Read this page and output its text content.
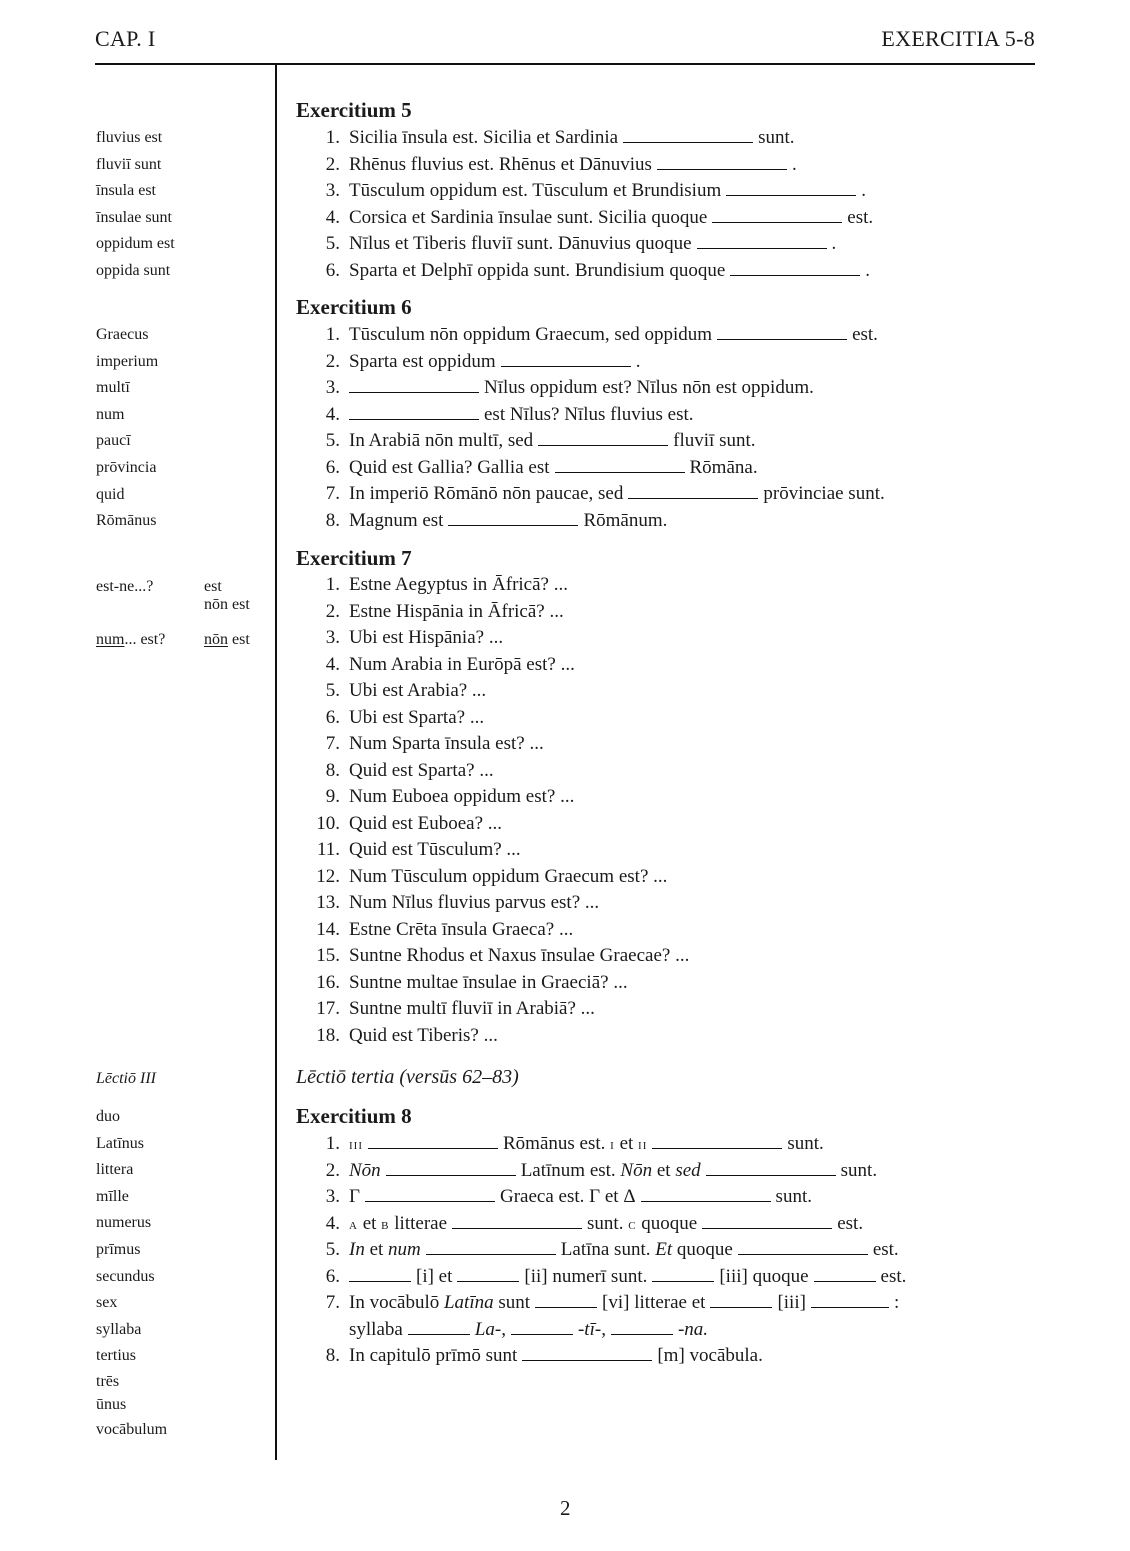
CAP. I	EXERCITIA 5-8
fluvius est
fluviī sunt
īnsula est
īnsulae sunt
oppidum est
oppida sunt
Graecus
imperium
multī
num
paucī
prōvincia
quid
Rōmānus
est-ne...?	est
nōn est
num... est? nōn est
Lēctiō III
duo
Latīnus
littera
mīlle
numerus
prīmus
secundus
sex
syllaba
tertius
trēs
ūnus
vocābulum
Exercitium 5
1. Sicilia īnsula est. Sicilia et Sardinia	sunt.
2. Rhēnus fluvius est. Rhēnus et Dānuvius	.
3. Tūsculum oppidum est. Tūsculum et Brundisium	.
4. Corsica et Sardinia īnsulae sunt. Sicilia quoque	est.
5. Nīlus et Tiberis fluviī sunt. Dānuvius quoque	.
6. Sparta et Delphī oppida sunt. Brundisium quoque	.
Exercitium 6
1. Tūsculum nōn oppidum Graecum, sed oppidum	est.
2. Sparta est oppidum	.
3.	Nīlus oppidum est? Nīlus nōn est oppidum.
4.	est Nīlus? Nīlus fluvius est.
5. In Arabiā nōn multī, sed	fluviī sunt.
6. Quid est Gallia? Gallia est	Rōmāna.
7. In imperiō Rōmānō nōn paucae, sed	prōvinciae sunt.
8. Magnum est	Rōmānum.
Exercitium 7
1. Estne Aegyptus in Āfricā? ...
2. Estne Hispānia in Āfricā? ...
3. Ubi est Hispānia? ...
4. Num Arabia in Eurōpā est? ...
5. Ubi est Arabia? ...
6. Ubi est Sparta? ...
7. Num Sparta īnsula est? ...
8. Quid est Sparta? ...
9. Num Euboea oppidum est? ...
10. Quid est Euboea? ...
11. Quid est Tūsculum? ...
12. Num Tūsculum oppidum Graecum est? ...
13. Num Nīlus fluvius parvus est? ...
14. Estne Crēta īnsula Graeca? ...
15. Suntne Rhodus et Naxus īnsulae Graecae? ...
16. Suntne multae īnsulae in Graeciā? ...
17. Suntne multī fluviī in Arabiā? ...
18. Quid est Tiberis? ...
Lēctiō tertia (versūs 62–83)
Exercitium 8
1. iii	Rōmānus est. i et ii	sunt.
2. Nōn	Latīnum est. Nōn et sed	sunt.
3. Γ	Graeca est. Γ et Δ	sunt.
4. a et b litterae	sunt. c quoque	est.
5. In et num	Latīna sunt. Et quoque	est.
6.	[i] et	[ii] numerī sunt.	[iii] quoque	est.
7. In vocābulō Latīna sunt	[vi] litterae et	[iii]	:
syllaba	La-,	-tī-,	-na.
8. In capitulō prīmō sunt	[m] vocābula.
2
